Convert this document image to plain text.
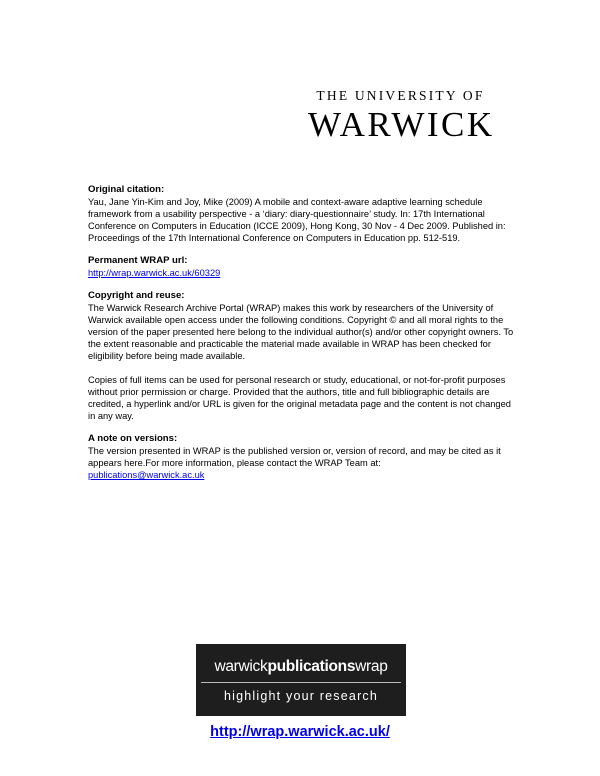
THE UNIVERSITY OF
WARWICK
Original citation:

Yau, Jane Yin-Kim and Joy, Mike (2009) A mobile and context-aware adaptive learning schedule framework from a usability perspective - a ‘diary: diary-questionnaire’ study. In: 17th International Conference on Computers in Education (ICCE 2009), Hong Kong, 30 Nov - 4 Dec 2009. Published in: Proceedings of the 17th International Conference on Computers in Education pp. 512-519.

Permanent WRAP url:
http://wrap.warwick.ac.uk/60329
Copyright and reuse:

The Warwick Research Archive Portal (WRAP) makes this work by researchers of the University of Warwick available open access under the following conditions. Copyright © and all moral rights to the version of the paper presented here belong to the individual author(s) and/or other copyright owners. To the extent reasonable and practicable the material made available in WRAP has been checked for eligibility before being made available.

Copies of full items can be used for personal research or study, educational, or not-for-profit purposes without prior permission or charge. Provided that the authors, title and full bibliographic details are credited, a hyperlink and/or URL is given for the original metadata page and the content is not changed in any way.

A note on versions:

The version presented in WRAP is the published version or, version of record, and may be cited as it appears here.For more information, please contact the WRAP Team at:

publications@warwick.ac.uk
warwickpublicationswrap
highlight your research
http://wrap.warwick.ac.uk/
